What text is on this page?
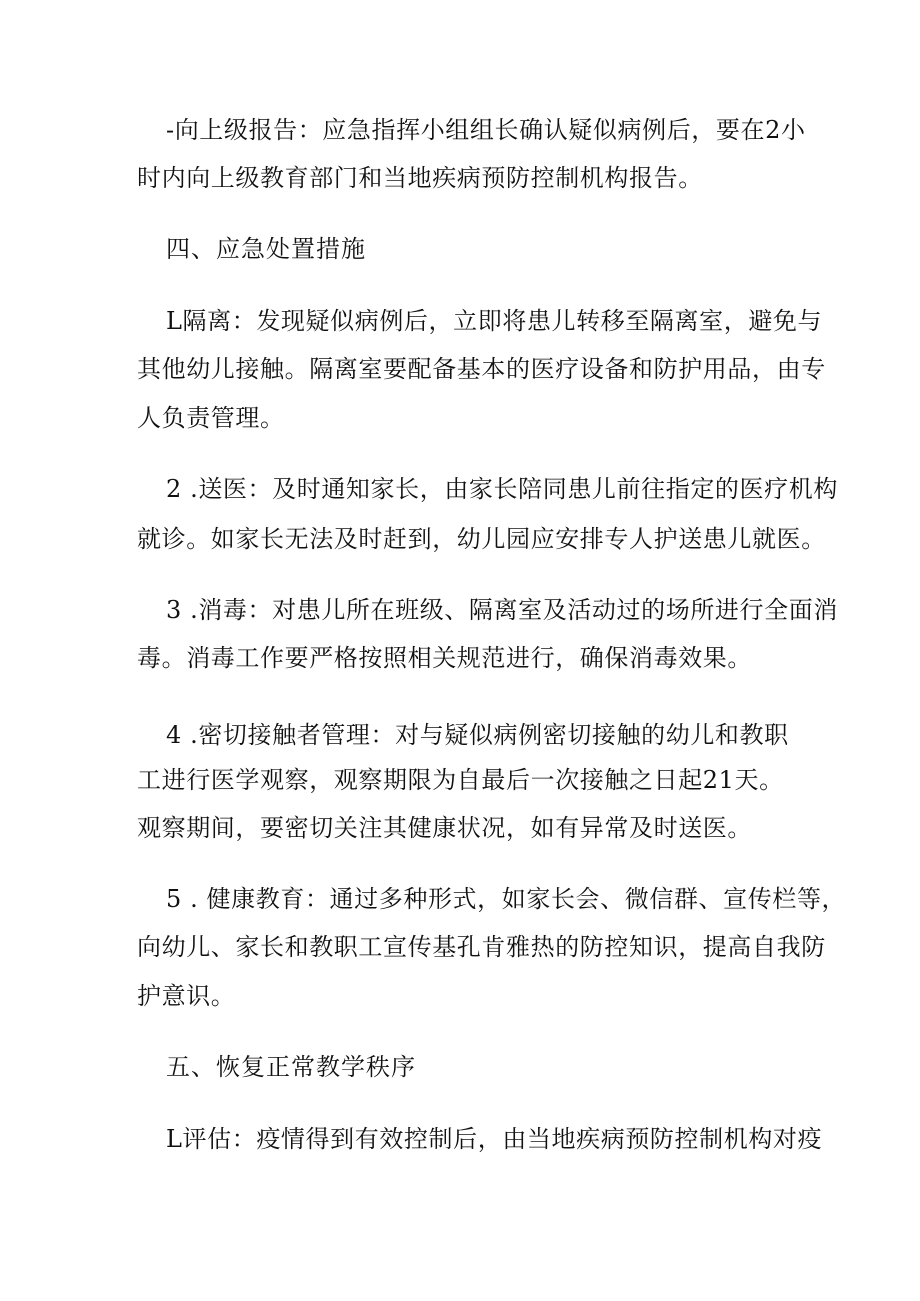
-向上级报告：应急指挥小组组长确认疑似病例后，要在2小
时内向上级教育部门和当地疾病预防控制机构报告。
四、应急处置措施
L隔离：发现疑似病例后，立即将患儿转移至隔离室，避免与
其他幼儿接触。隔离室要配备基本的医疗设备和防护用品，由专
人负责管理。
2 .送医：及时通知家长，由家长陪同患儿前往指定的医疗机构
就诊。如家长无法及时赶到，幼儿园应安排专人护送患儿就医。
3 .消毒：对患儿所在班级、隔离室及活动过的场所进行全面消
毒。消毒工作要严格按照相关规范进行，确保消毒效果。
4 .密切接触者管理：对与疑似病例密切接触的幼儿和教职
工进行医学观察，观察期限为自最后一次接触之日起21天。
观察期间，要密切关注其健康状况，如有异常及时送医。
5 . 健康教育：通过多种形式，如家长会、微信群、宣传栏等，
向幼儿、家长和教职工宣传基孔肯雅热的防控知识，提高自我防
护意识。
五、恢复正常教学秩序
L评估：疫情得到有效控制后，由当地疾病预防控制机构对疫
